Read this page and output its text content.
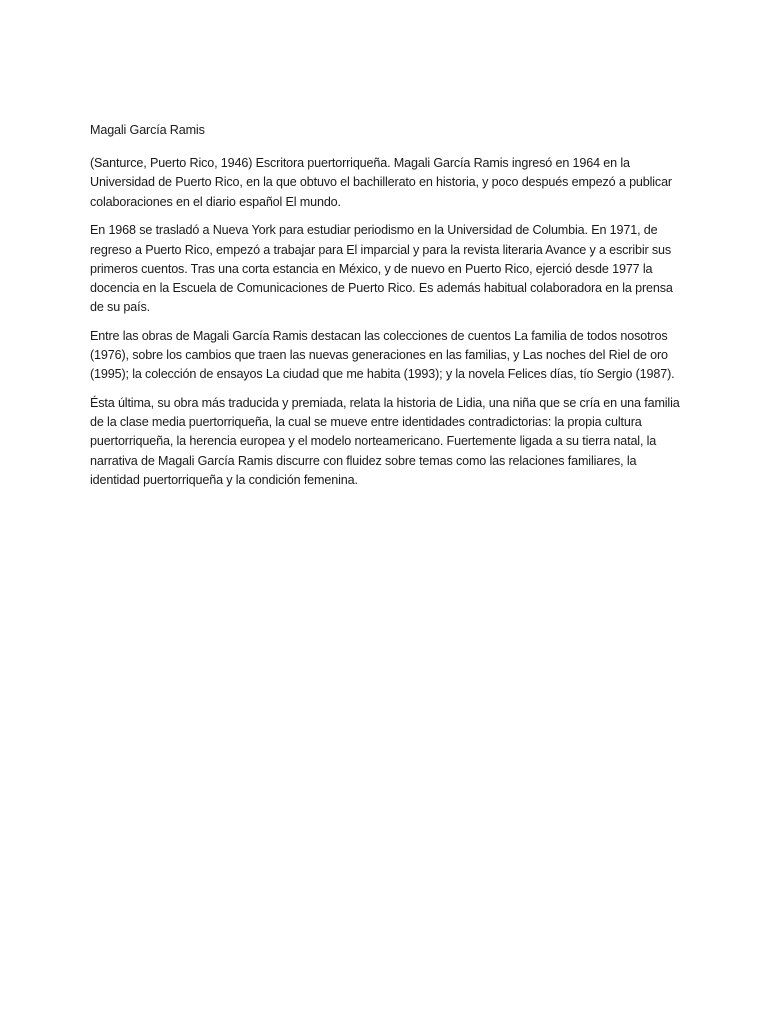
Magali García Ramis

(Santurce, Puerto Rico, 1946) Escritora puertorriqueña. Magali García Ramis ingresó en 1964 en la Universidad de Puerto Rico, en la que obtuvo el bachillerato en historia, y poco después empezó a publicar colaboraciones en el diario español El mundo.

En 1968 se trasladó a Nueva York para estudiar periodismo en la Universidad de Columbia. En 1971, de regreso a Puerto Rico, empezó a trabajar para El imparcial y para la revista literaria Avance y a escribir sus primeros cuentos. Tras una corta estancia en México, y de nuevo en Puerto Rico, ejerció desde 1977 la docencia en la Escuela de Comunicaciones de Puerto Rico. Es además habitual colaboradora en la prensa de su país.

Entre las obras de Magali García Ramis destacan las colecciones de cuentos La familia de todos nosotros (1976), sobre los cambios que traen las nuevas generaciones en las familias, y Las noches del Riel de oro (1995); la colección de ensayos La ciudad que me habita (1993); y la novela Felices días, tío Sergio (1987).

Ésta última, su obra más traducida y premiada, relata la historia de Lidia, una niña que se cría en una familia de la clase media puertorriqueña, la cual se mueve entre identidades contradictorias: la propia cultura puertorriqueña, la herencia europea y el modelo norteamericano. Fuertemente ligada a su tierra natal, la narrativa de Magali García Ramis discurre con fluidez sobre temas como las relaciones familiares, la identidad puertorriqueña y la condición femenina.
